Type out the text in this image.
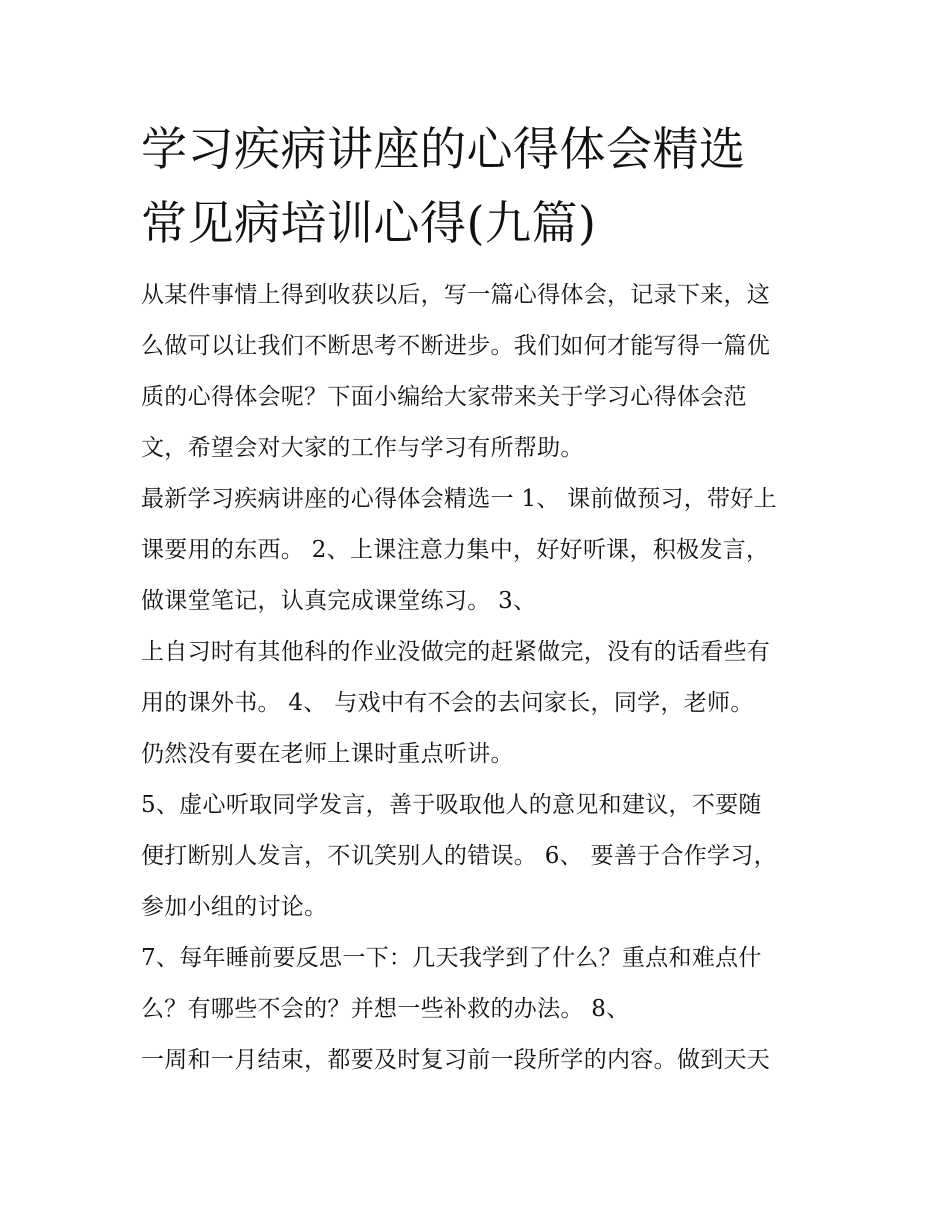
学习疾病讲座的心得体会精选
常见病培训心得(九篇)

从某件事情上得到收获以后，写一篇心得体会，记录下来，这

么做可以让我们不断思考不断进步。我们如何才能写得一篇优

质的心得体会呢？下面小编给大家带来关于学习心得体会范

文，希望会对大家的工作与学习有所帮助。

最新学习疾病讲座的心得体会精选一 1、 课前做预习，带好上

课要用的东西。 2、上课注意力集中，好好听课，积极发言，

做课堂笔记，认真完成课堂练习。 3、

上自习时有其他科的作业没做完的赶紧做完，没有的话看些有

用的课外书。 4、 与戏中有不会的去问家长，同学，老师。

仍然没有要在老师上课时重点听讲。

5、虚心听取同学发言，善于吸取他人的意见和建议，不要随

便打断别人发言，不讥笑别人的错误。 6、 要善于合作学习，

参加小组的讨论。

7、每年睡前要反思一下：几天我学到了什么？重点和难点什

么？有哪些不会的？并想一些补救的办法。 8、

一周和一月结束，都要及时复习前一段所学的内容。做到天天
